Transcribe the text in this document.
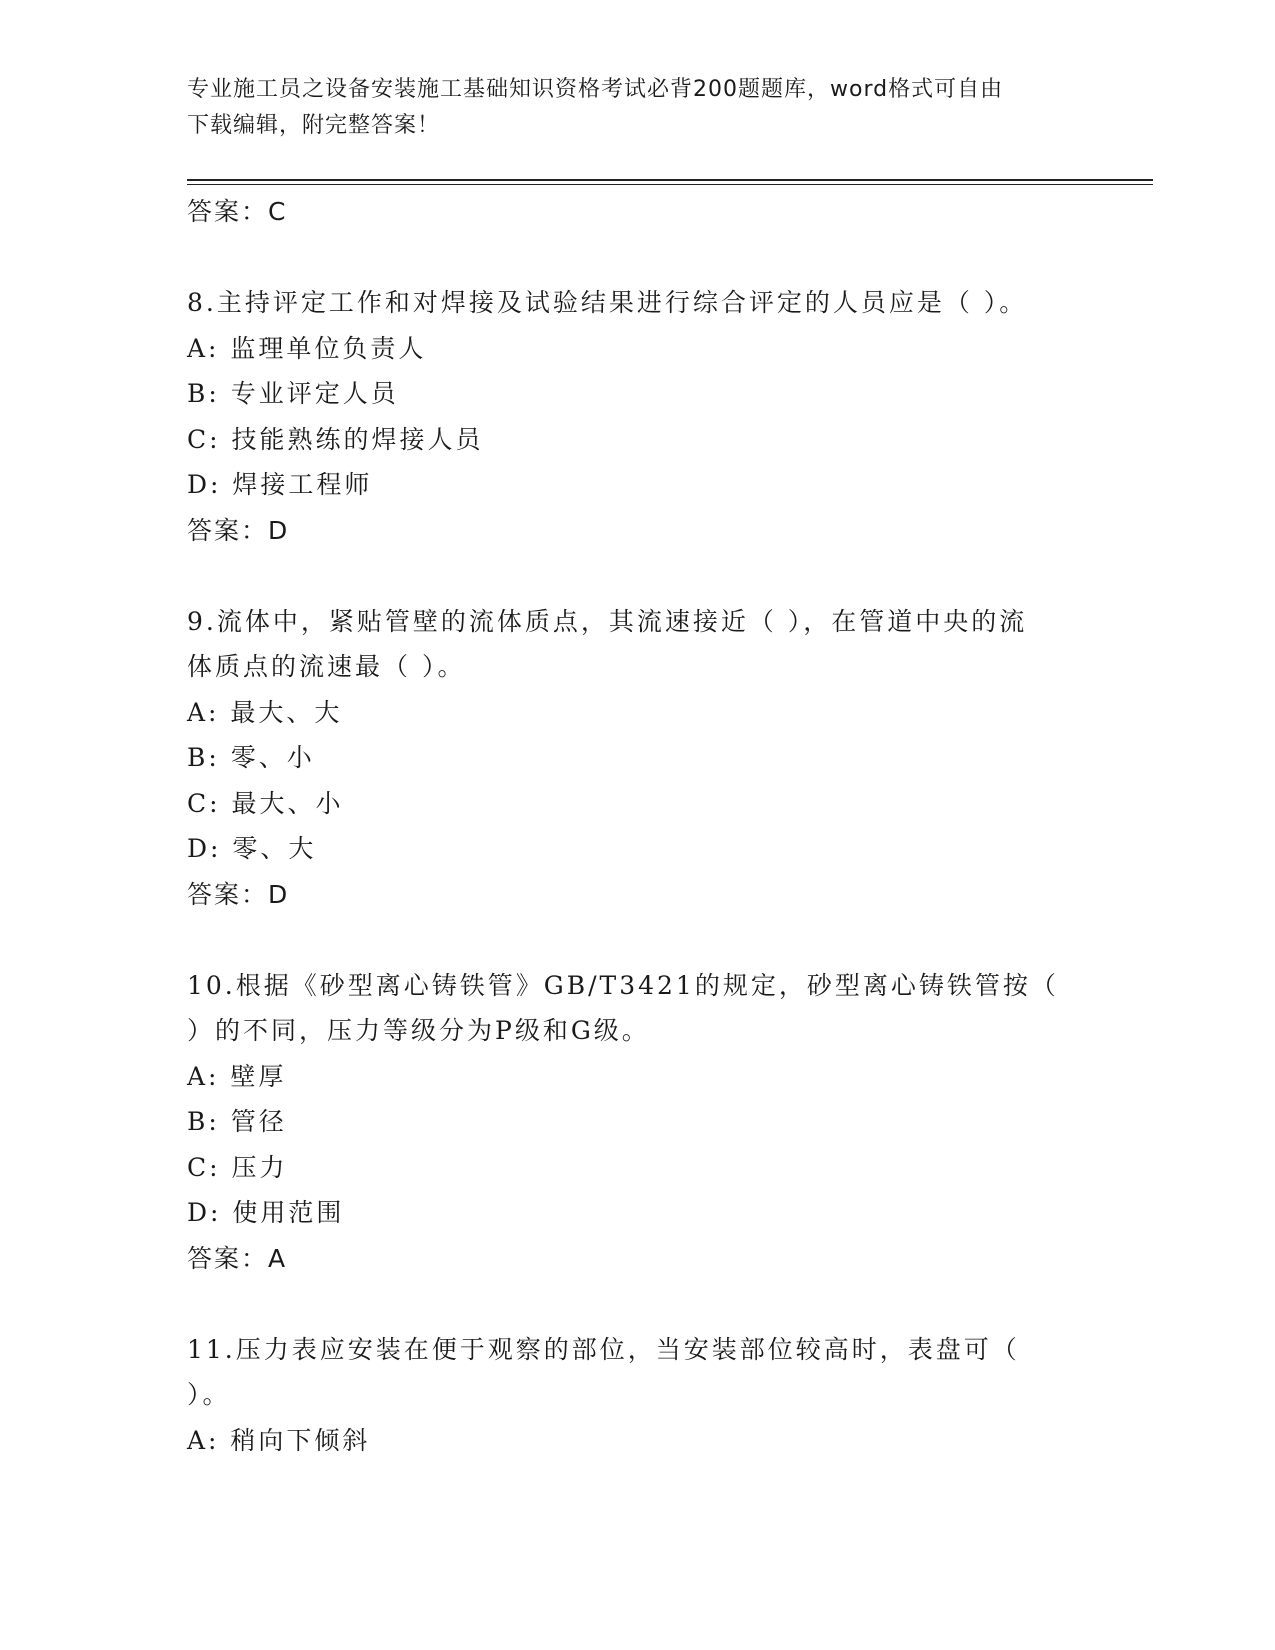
专业施工员之设备安装施工基础知识资格考试必背200题题库，word格式可自由
下载编辑，附完整答案！
答案：C
8.主持评定工作和对焊接及试验结果进行综合评定的人员应是（ ）。
A: 监理单位负责人
B: 专业评定人员
C: 技能熟练的焊接人员
D: 焊接工程师
答案：D
9.流体中，紧贴管壁的流体质点，其流速接近（ ），在管道中央的流
体质点的流速最（ ）。
A: 最大、大
B: 零、小
C: 最大、小
D: 零、大
答案：D
10.根据《砂型离心铸铁管》GB/T3421的规定，砂型离心铸铁管按（
）的不同，压力等级分为P级和G级。
A: 壁厚
B: 管径
C: 压力
D: 使用范围
答案：A
11.压力表应安装在便于观察的部位，当安装部位较高时，表盘可（
）。
A: 稍向下倾斜
